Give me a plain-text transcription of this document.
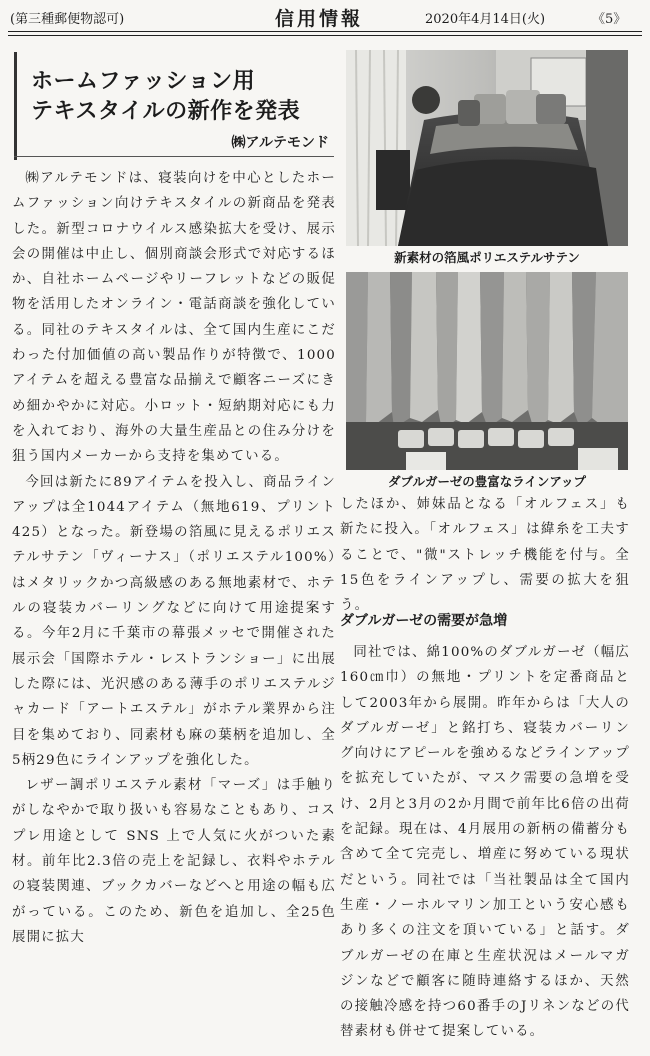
(第三種郵便物認可)	信用情報	2020年4月14日(火)	《5》
ホームファッション用
テキスタイルの新作を発表
㈱アルテモンド

㈱アルテモンドは、寝装向けを中心としたホームファッション向けテキスタイルの新商品を発表した。新型コロナウイルス感染拡大を受け、展示会の開催は中止し、個別商談会形式で対応するほか、自社ホームページやリーフレットなどの販促物を活用したオンライン・電話商談を強化している。同社のテキスタイルは、全て国内生産にこだわった付加価値の高い製品作りが特徴で、1000アイテムを超える豊富な品揃えで顧客ニーズにきめ細かやかに対応。小ロット・短納期対応にも力を入れており、海外の大量生産品との住み分けを狙う国内メーカーから支持を集めている。

今回は新たに89アイテムを投入し、商品ラインアップは全1044アイテム（無地619、プリント425）となった。新登場の箔風に見えるポリエステルサテン「ヴィーナス」（ポリエステル100%）はメタリックかつ高級感のある無地素材で、ホテルの寝装カバーリングなどに向けて用途提案する。今年2月に千葉市の幕張メッセで開催された展示会「国際ホテル・レストランショー」に出展した際には、光沢感のある薄手のポリエステルジャカード「アートエステル」がホテル業界から注目を集めており、同素材も麻の葉柄を追加し、全5柄29色にラインアップを強化した。

レザー調ポリエステル素材「マーズ」は手触りがしなやかで取り扱いも容易なこともあり、コスプレ用途として SNS 上で人気に火がついた素材。前年比2.3倍の売上を記録し、衣料やホテルの寝装関連、ブックカバーなどへと用途の幅も広がっている。このため、新色を追加し、全25色展開に拡大

新素材の箔風ポリエステルサテン
ダブルガーゼの豊富なラインアップ

したほか、姉妹品となる「オルフェス」も新たに投入。「オルフェス」は緯糸を工夫することで、"微"ストレッチ機能を付与。全15色をラインアップし、需要の拡大を狙う。

ダブルガーゼの需要が急増

同社では、綿100%のダブルガーゼ（幅広160㎝巾）の無地・プリントを定番商品として2003年から展開。昨年からは「大人のダブルガーゼ」と銘打ち、寝装カバーリング向けにアピールを強めるなどラインアップを拡充していたが、マスク需要の急増を受け、2月と3月の2か月間で前年比6倍の出荷を記録。現在は、4月展用の新柄の備蓄分も含めて全て完売し、増産に努めている現状だという。同社では「当社製品は全て国内生産・ノーホルマリン加工という安心感もあり多くの注文を頂いている」と話す。ダブルガーゼの在庫と生産状況はメールマガジンなどで顧客に随時連絡するほか、天然の接触冷感を持つ60番手のJリネンなどの代替素材も併せて提案している。
